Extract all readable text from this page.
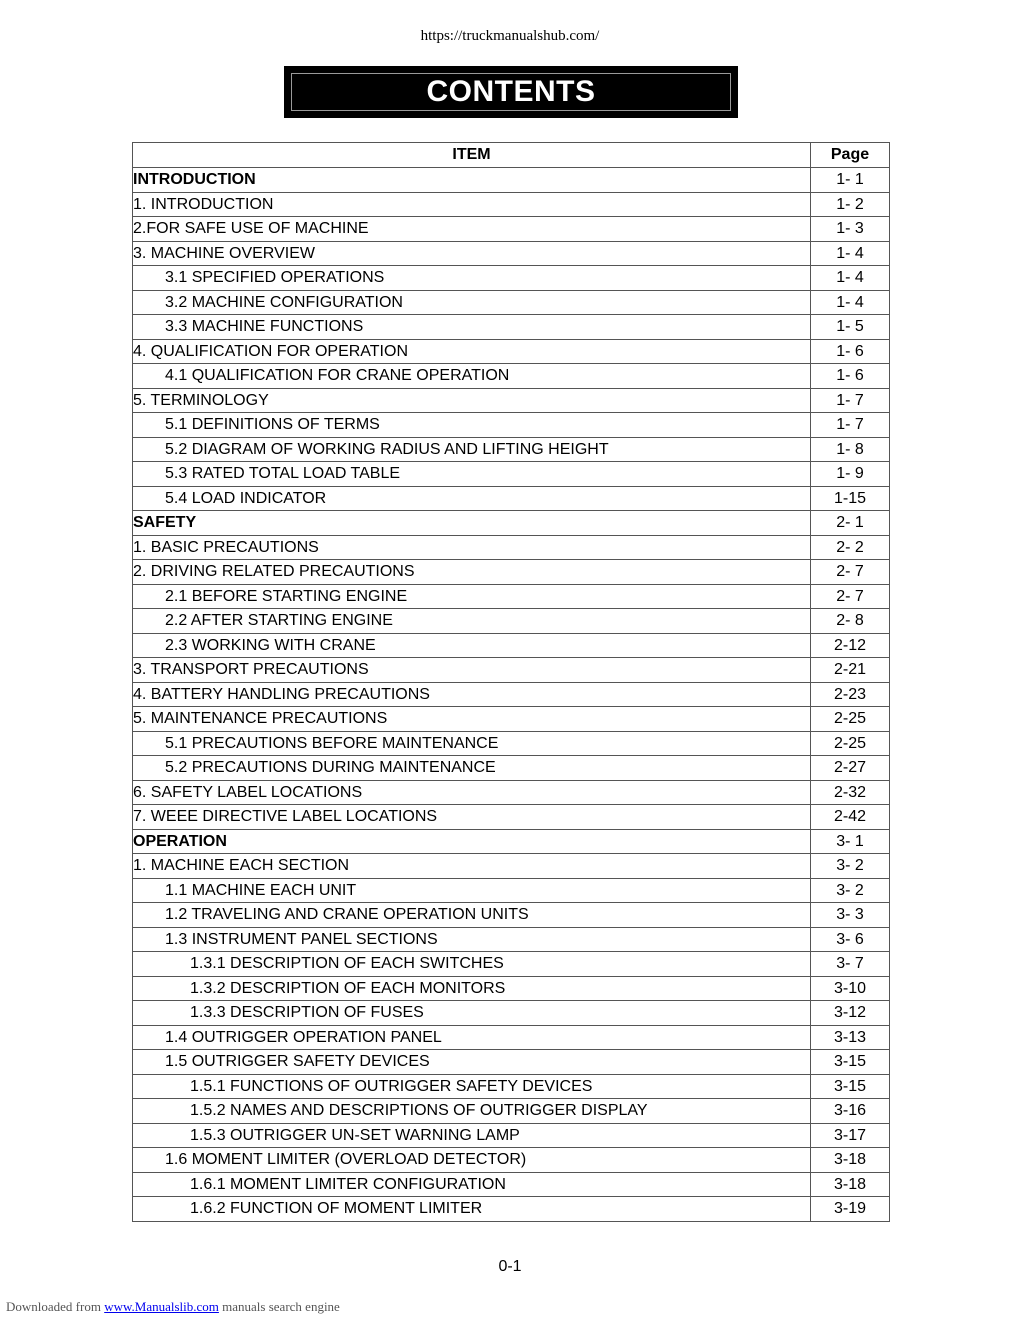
https://truckmanualshub.com/
CONTENTS
ITEM	Page
INTRODUCTION	1- 1
1. INTRODUCTION	1- 2
2.FOR SAFE USE OF MACHINE	1- 3
3. MACHINE OVERVIEW	1- 4
3.1 SPECIFIED OPERATIONS	1- 4
3.2 MACHINE CONFIGURATION	1- 4
3.3 MACHINE FUNCTIONS	1- 5
4. QUALIFICATION FOR OPERATION	1- 6
4.1 QUALIFICATION FOR CRANE OPERATION	1- 6
5. TERMINOLOGY	1- 7
5.1 DEFINITIONS OF TERMS	1- 7
5.2 DIAGRAM OF WORKING RADIUS AND LIFTING HEIGHT	1- 8
5.3 RATED TOTAL LOAD TABLE	1- 9
5.4 LOAD INDICATOR	1-15
SAFETY	2- 1
1. BASIC PRECAUTIONS	2- 2
2. DRIVING RELATED PRECAUTIONS	2- 7
2.1 BEFORE STARTING ENGINE	2- 7
2.2 AFTER STARTING ENGINE	2- 8
2.3 WORKING WITH CRANE	2-12
3. TRANSPORT PRECAUTIONS	2-21
4. BATTERY HANDLING PRECAUTIONS	2-23
5. MAINTENANCE PRECAUTIONS	2-25
5.1 PRECAUTIONS BEFORE MAINTENANCE	2-25
5.2 PRECAUTIONS DURING MAINTENANCE	2-27
6. SAFETY LABEL LOCATIONS	2-32
7. WEEE DIRECTIVE LABEL LOCATIONS	2-42
OPERATION	3- 1
1. MACHINE EACH SECTION	3- 2
1.1 MACHINE EACH UNIT	3- 2
1.2 TRAVELING AND CRANE OPERATION UNITS	3- 3
1.3 INSTRUMENT PANEL SECTIONS	3- 6
1.3.1 DESCRIPTION OF EACH SWITCHES	3- 7
1.3.2 DESCRIPTION OF EACH MONITORS	3-10
1.3.3 DESCRIPTION OF FUSES	3-12
1.4 OUTRIGGER OPERATION PANEL	3-13
1.5 OUTRIGGER SAFETY DEVICES	3-15
1.5.1 FUNCTIONS OF OUTRIGGER SAFETY DEVICES	3-15
1.5.2 NAMES AND DESCRIPTIONS OF OUTRIGGER DISPLAY	3-16
1.5.3 OUTRIGGER UN-SET WARNING LAMP	3-17
1.6 MOMENT LIMITER (OVERLOAD DETECTOR)	3-18
1.6.1 MOMENT LIMITER CONFIGURATION	3-18
1.6.2 FUNCTION OF MOMENT LIMITER	3-19
0-1
Downloaded from www.Manualslib.com manuals search engine
